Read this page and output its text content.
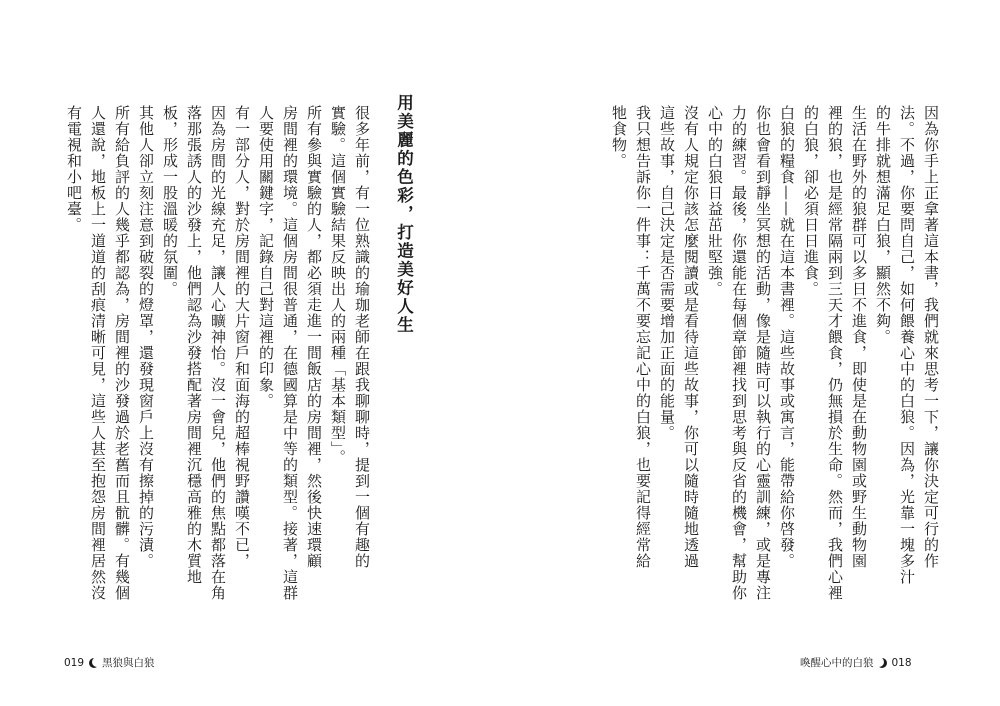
用美麗的色彩，打造美好人生
很多年前，有一位熟識的瑜珈老師在跟我聊聊時，提到一個有趣的
實驗。這個實驗結果反映出人的兩種「基本類型」。
所有參與實驗的人，都必須走進一間飯店的房間裡，然後快速環顧
房間裡的環境。這個房間很普通，在德國算是中等的類型。接著，這群
人要使用關鍵字，記錄自己對這裡的印象。
有一部分人，對於房間裡的大片窗戶和面海的超棒視野讚嘆不已，
因為房間的光線充足，讓人心曠神怡。沒一會兒，他們的焦點都落在角
落那張誘人的沙發上，他們認為沙發搭配著房間裡沉穩高雅的木質地
板，形成一股溫暖的氛圍。
其他人卻立刻注意到破裂的燈罩，還發現窗戶上沒有擦掉的污漬。
所有給負評的人幾乎都認為，房間裡的沙發過於老舊而且骯髒。有幾個
人還說，地板上一道道的刮痕清晰可見，這些人甚至抱怨房間裡居然沒
有電視和小吧臺。
019 黑狼與白狼
因為你手上正拿著這本書，我們就來思考一下，讓你決定可行的作
法。不過，你要問自己，如何餵養心中的白狼。因為，光靠一塊多汁
的牛排就想滿足白狼，顯然不夠。
生活在野外的狼群可以多日不進食，即使是在動物園或野生動物園
裡的狼，也是經常隔兩到三天才餵食，仍無損於生命。然而，我們心裡
的白狼，卻必須日日進食。
白狼的糧食——就在這本書裡。這些故事或寓言，能帶給你啓發。
你也會看到靜坐冥想的活動，像是隨時可以執行的心靈訓練，或是專注
力的練習。最後，你還能在每個章節裡找到思考與反省的機會，幫助你
心中的白狼日益茁壯堅強。
沒有人規定你該怎麼閱讀或是看待這些故事，你可以隨時隨地透過
這些故事，自己決定是否需要增加正面的能量。
我只想告訴你一件事：千萬不要忘記心中的白狼，也要記得經常給
牠食物。
喚醒心中的白狼 018
